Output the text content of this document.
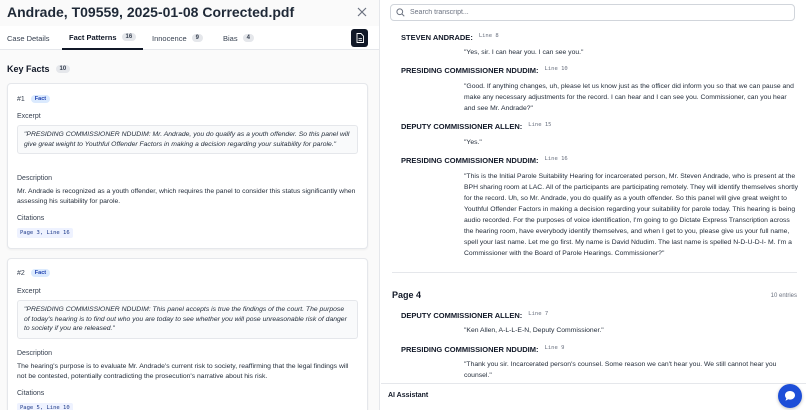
Andrade, T09559, 2025-01-08 Corrected.pdf
Case Details	Fact Patterns	16	Innocence	9	Bias	4
Key Facts	10
#1	Fact
Excerpt
"PRESIDING COMMISSIONER NDUDIM: Mr. Andrade, you do qualify as a youth offender. So this panel will give great weight to Youthful Offender Factors in making a decision regarding your suitability for parole."
Description
Mr. Andrade is recognized as a youth offender, which requires the panel to consider this status significantly when assessing his suitability for parole.
Citations
Page 3, Line 16
#2	Fact
Excerpt
"PRESIDING COMMISSIONER NDUDIM: This panel accepts is true the findings of the court. The purpose of today's hearing is to find out who you are today to see whether you will pose unreasonable risk of danger to society if you are released."
Description
The hearing's purpose is to evaluate Mr. Andrade's current risk to society, reaffirming that the legal findings will not be contested, potentially contradicting the prosecution's narrative about his risk.
Citations
Page 5, Line 10
Search transcript...
STEVEN ANDRADE: $^{Line 8}$
"Yes, sir. I can hear you. I can see you."
PRESIDING COMMISSIONER NDUDIM: $^{Line 10}$
"Good. If anything changes, uh, please let us know just as the officer did inform you so that we can pause and make any necessary adjustments for the record. I can hear and I can see you. Commissioner, can you hear and see Mr. Andrade?"
DEPUTY COMMISSIONER ALLEN: $^{Line 15}$
"Yes."
PRESIDING COMMISSIONER NDUDIM: $^{Line 16}$
"This is the Initial Parole Suitability Hearing for incarcerated person, Mr. Steven Andrade, who is present at the BPH sharing room at LAC. All of the participants are participating remotely. They will identify themselves shortly for the record. Uh, so Mr. Andrade, you do qualify as a youth offender. So this panel will give great weight to Youthful Offender Factors in making a decision regarding your suitability for parole today. This hearing is being audio recorded. For the purposes of voice identification, I'm going to go Dictate Express Transcription across the hearing room, have everybody identify themselves, and when I get to you, please give us your full name, spell your last name. Let me go first. My name is David Ndudim. The last name is spelled N-D-U-D-I- M. I'm a Commissioner with the Board of Parole Hearings. Commissioner?"
Page 4	10 entries
DEPUTY COMMISSIONER ALLEN: $^{Line 7}$
"Ken Allen, A-L-L-E-N, Deputy Commissioner."
PRESIDING COMMISSIONER NDUDIM: $^{Line 9}$
"Thank you sir. Incarcerated person's counsel. Some reason we can't hear you. We still cannot hear you counsel."
AI Assistant
